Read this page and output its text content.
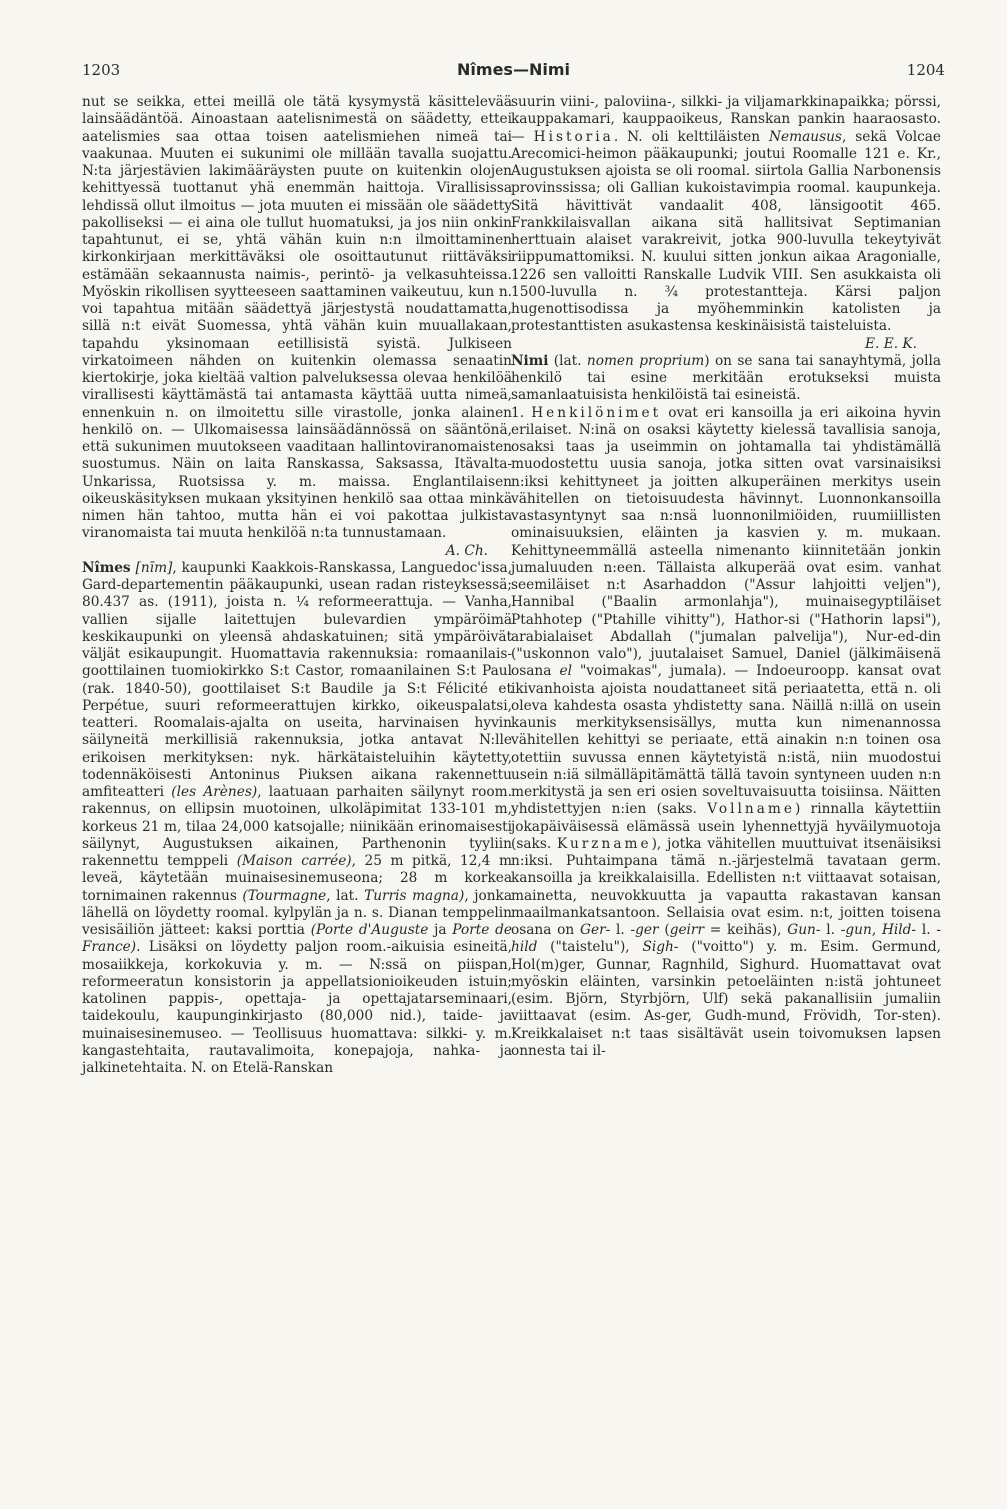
1203	Nîmes—Nimi	1204

nut se seikka, ettei meillä ole tätä kysymystä käsittelevää lainsäädäntöä. Ainoastaan aatelisnimestä on säädetty, ettei aatelismies saa ottaa toisen aatelismiehen nimeä tai vaakunaa. Muuten ei sukunimi ole millään tavalla suojattu. N:ta järjestävien lakimääräysten puute on kuitenkin olojen kehittyessä tuottanut yhä enemmän haittoja. Virallisissa lehdissä ollut ilmoitus — jota muuten ei missään ole säädetty pakolliseksi — ei aina ole tullut huomatuksi, ja jos niin onkin tapahtunut, ei se, yhtä vähän kuin n:n ilmoittaminen kirkonkirjaan merkittäväksi ole osoittautunut riittäväksi estämään sekaannusta naimis-, perintö- ja velkasuhteissa. Myöskin rikollisen syytteeseen saattaminen vaikeutuu, kun n. voi tapahtua mitään säädettyä järjestystä noudattamatta, sillä n:t eivät Suomessa, yhtä vähän kuin muuallakaan, tapahdu yksinomaan eetillisistä syistä. Julkiseen virkatoimeen nähden on kuitenkin olemassa senaatin kiertokirje, joka kieltää valtion palveluksessa olevaa henkilöä virallisesti käyttämästä tai antamasta käyttää uutta nimeä, ennenkuin n. on ilmoitettu sille virastolle, jonka alainen henkilö on. — Ulkomaisessa lainsäädännössä on sääntönä, että sukunimen muutokseen vaaditaan hallintoviranomaisten suostumus. Näin on laita Ranskassa, Saksassa, Itävalta-Unkarissa, Ruotsissa y. m. maissa. Englantilaisen oikeuskäsityksen mukaan yksityinen henkilö saa ottaa minkä nimen hän tahtoo, mutta hän ei voi pakottaa julkista viranomaista tai muuta henkilöä n:ta tunnustamaan.

A. Ch.

Nîmes [nīm], kaupunki Kaakkois-Ranskassa, Languedoc'issa, Gard-departementin pääkaupunki, usean radan risteyksessä; 80.437 as. (1911), joista n. ¼ reformeerattuja. — Vanha, vallien sijalle laitettujen bulevardien ympäröimä keskikaupunki on yleensä ahdaskatuinen; sitä ympäröivät väljät esikaupungit. Huomattavia rakennuksia: romaanilais-goottilainen tuomiokirkko S:t Castor, romaanilainen S:t Paul (rak. 1840-50), goottilaiset S:t Baudile ja S:t Félicité et Perpétue, suuri reformeerattujen kirkko, oikeuspalatsi, teatteri. Roomalais-ajalta on useita, harvinaisen hyvin säilyneitä merkillisiä rakennuksia, jotka antavat N:lle erikoisen merkityksen: nyk. härkätaisteluihin käytetty, todennäköisesti Antoninus Piuksen aikana rakennettu amfiteatteri (les Arènes), laatuaan parhaiten säilynyt room. rakennus, on ellipsin muotoinen, ulkoläpimitat 133-101 m, korkeus 21 m, tilaa 24,000 katsojalle; niinikään erinomaisesti säilynyt, Augustuksen aikainen, Parthenonin tyyliin rakennettu temppeli (Maison carrée), 25 m pitkä, 12,4 m leveä, käytetään muinaisesinemuseona; 28 m korkea tornimainen rakennus (Tourmagne, lat. Turris magna), jonka lähellä on löydetty roomal. kylpylän ja n. s. Dianan temppelin vesisäiliön jätteet: kaksi porttia (Porte d'Auguste ja Porte de France). Lisäksi on löydetty paljon room.-aikuisia esineitä, mosaiikkeja, korkokuvia y. m. — N:ssä on piispan, reformeeratun konsistorin ja appellatsionioikeuden istuin; katolinen pappis-, opettaja- ja opettajatarseminaari, taidekoulu, kaupunginkirjasto (80,000 nid.), taide- ja muinaisesinemuseo. — Teollisuus huomattava: silkki- y. m. kangastehtaita, rautavalimoita, konepajoja, nahka- ja jalkinetehtaita. N. on Etelä-Ranskan

suurin viini-, paloviina-, silkki- ja viljamarkkinapaikka; pörssi, kauppakamari, kauppaoikeus, Ranskan pankin haaraosasto. — Historia. N. oli kelttiläisten Nemausus, sekä Volcae Arecomici-heimon pääkaupunki; joutui Roomalle 121 e. Kr., Augustuksen ajoista se oli roomal. siirtola Gallia Narbonensis provinssissa; oli Gallian kukoistavimpia roomal. kaupunkeja. Sitä hävittivät vandaalit 408, länsigootit 465. Frankkilaisvallan aikana sitä hallitsivat Septimanian herttuain alaiset varakreivit, jotka 900-luvulla tekeytyivät riippumattomiksi. N. kuului sitten jonkun aikaa Aragonialle, 1226 sen valloitti Ranskalle Ludvik VIII. Sen asukkaista oli 1500-luvulla n. ¾ protestantteja. Kärsi paljon hugenottisodissa ja myöhemminkin katolisten ja protestanttisten asukastensa keskinäisistä taisteluista.

E. E. K.

Nimi (lat. nomen proprium) on se sana tai sanayhtymä, jolla henkilö tai esine merkitään erotukseksi muista samanlaatuisista henkilöistä tai esineistä.

1. Henkilönimet ovat eri kansoilla ja eri aikoina hyvin erilaiset. N:inä on osaksi käytetty kielessä tavallisia sanoja, osaksi taas ja useimmin on johtamalla tai yhdistämällä muodostettu uusia sanoja, jotka sitten ovat varsinaisiksi n:iksi kehittyneet ja joitten alkuperäinen merkitys usein vähitellen on tietoisuudesta hävinnyt. Luonnonkansoilla vastasyntynyt saa n:nsä luonnonilmiöiden, ruumiillisten ominaisuuksien, eläinten ja kasvien y. m. mukaan. Kehittyneemmällä asteella nimenanto kiinnitetään jonkin jumaluuden n:een. Tällaista alkuperää ovat esim. vanhat seemiläiset n:t Asarhaddon ("Assur lahjoitti veljen"), Hannibal ("Baalin armonlahja"), muinaisegyptiläiset Ptahhotep ("Ptahille vihitty"), Hathor-si ("Hathorin lapsi"), arabialaiset Abdallah ("jumalan palvelija"), Nur-ed-din ("uskonnon valo"), juutalaiset Samuel, Daniel (jälkimäisenä osana el "voimakas", jumala). — Indoeuroopp. kansat ovat ikivanhoista ajoista noudattaneet sitä periaatetta, että n. oli oleva kahdesta osasta yhdistetty sana. Näillä n:illä on usein kaunis merkityksensisällys, mutta kun nimenannossa vähitellen kehittyi se periaate, että ainakin n:n toinen osa otettiin suvussa ennen käytetyistä n:istä, niin muodostui usein n:iä silmälläpitämättä tällä tavoin syntyneen uuden n:n merkitystä ja sen eri osien soveltuvaisuutta toisiinsa. Näitten yhdistettyjen n:ien (saks. Vollname) rinnalla käytettiin jokapäiväisessä elämässä usein lyhennettyjä hyväilymuotoja (saks. Kurzname), jotka vähitellen muuttuivat itsenäisiksi n:iksi. Puhtaimpana tämä n.-järjestelmä tavataan germ. kansoilla ja kreikkalaisilla. Edellisten n:t viittaavat sotaisan, mainetta, neuvokkuutta ja vapautta rakastavan kansan maailmankatsantoon. Sellaisia ovat esim. n:t, joitten toisena osana on Ger- l. -ger (geirr = keihäs), Gun- l. -gun, Hild- l. -hild ("taistelu"), Sigh- ("voitto") y. m. Esim. Germund, Hol(m)ger, Gunnar, Ragnhild, Sighurd. Huomattavat ovat myöskin eläinten, varsinkin petoeläinten n:istä johtuneet (esim. Björn, Styrbjörn, Ulf) sekä pakanallisiin jumaliin viittaavat (esim. As-ger, Gudh-mund, Frövidh, Tor-sten). Kreikkalaiset n:t taas sisältävät usein toivomuksen lapsen onnesta tai il-
